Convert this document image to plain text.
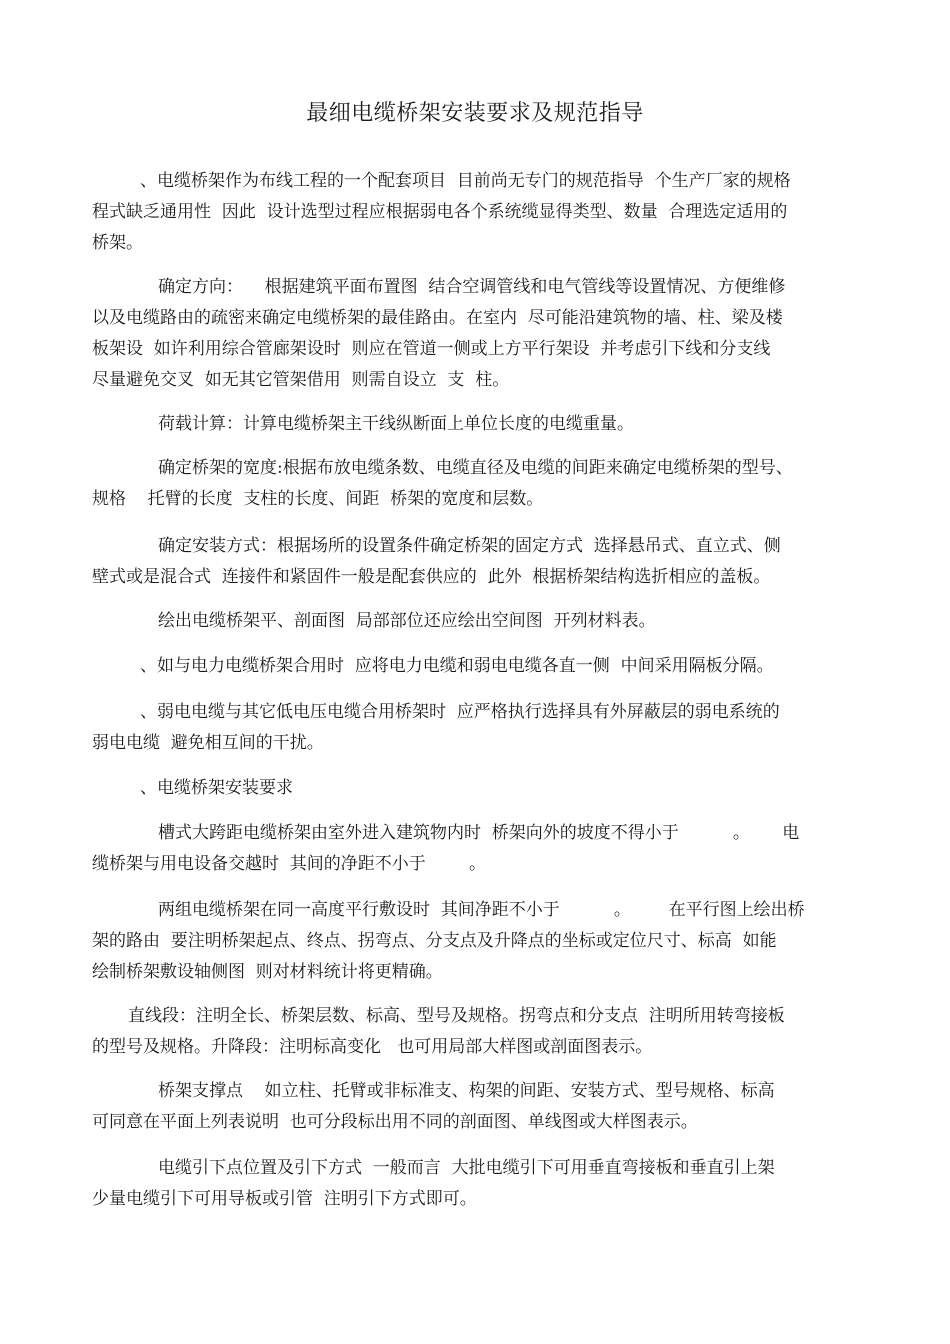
最细电缆桥架安装要求及规范指导
、电缆桥架作为布线工程的一个配套项目  目前尚无专门的规范指导  个生产厂家的规格
程式缺乏通用性  因此  设计选型过程应根据弱电各个系统缆显得类型、数量  合理选定适用的
桥架。
确定方向：    根据建筑平面布置图  结合空调管线和电气管线等设置情况、方便维修
以及电缆路由的疏密来确定电缆桥架的最佳路由。在室内  尽可能沿建筑物的墙、柱、梁及楼
板架设  如许利用综合管廊架设时  则应在管道一侧或上方平行架设  并考虑引下线和分支线
尽量避免交叉  如无其它管架借用  则需自设立  支  柱。
荷载计算：计算电缆桥架主干线纵断面上单位长度的电缆重量。
确定桥架的宽度:根据布放电缆条数、电缆直径及电缆的间距来确定电缆桥架的型号、
规格    托臂的长度  支柱的长度、间距  桥架的宽度和层数。
确定安装方式：根据场所的设置条件确定桥架的固定方式  选择悬吊式、直立式、侧
壁式或是混合式  连接件和紧固件一般是配套供应的  此外  根据桥架结构选折相应的盖板。
绘出电缆桥架平、剖面图  局部部位还应绘出空间图  开列材料表。
、如与电力电缆桥架合用时  应将电力电缆和弱电电缆各直一侧  中间采用隔板分隔。
、弱电电缆与其它低电压电缆合用桥架时  应严格执行选择具有外屏蔽层的弱电系统的
弱电电缆  避免相互间的干扰。
、电缆桥架安装要求
槽式大跨距电缆桥架由室外进入建筑物内时  桥架向外的坡度不得小于          。      电
缆桥架与用电设备交越时  其间的净距不小于        。
两组电缆桥架在同一高度平行敷设时  其间净距不小于          。       在平行图上绘出桥
架的路由  要注明桥架起点、终点、拐弯点、分支点及升降点的坐标或定位尺寸、标高  如能
绘制桥架敷设轴侧图  则对材料统计将更精确。
直线段：注明全长、桥架层数、标高、型号及规格。拐弯点和分支点  注明所用转弯接板
的型号及规格。升降段：注明标高变化   也可用局部大样图或剖面图表示。
桥架支撑点    如立柱、托臂或非标准支、构架的间距、安装方式、型号规格、标高
可同意在平面上列表说明  也可分段标出用不同的剖面图、单线图或大样图表示。
电缆引下点位置及引下方式  一般而言  大批电缆引下可用垂直弯接板和垂直引上架
少量电缆引下可用导板或引管  注明引下方式即可。
